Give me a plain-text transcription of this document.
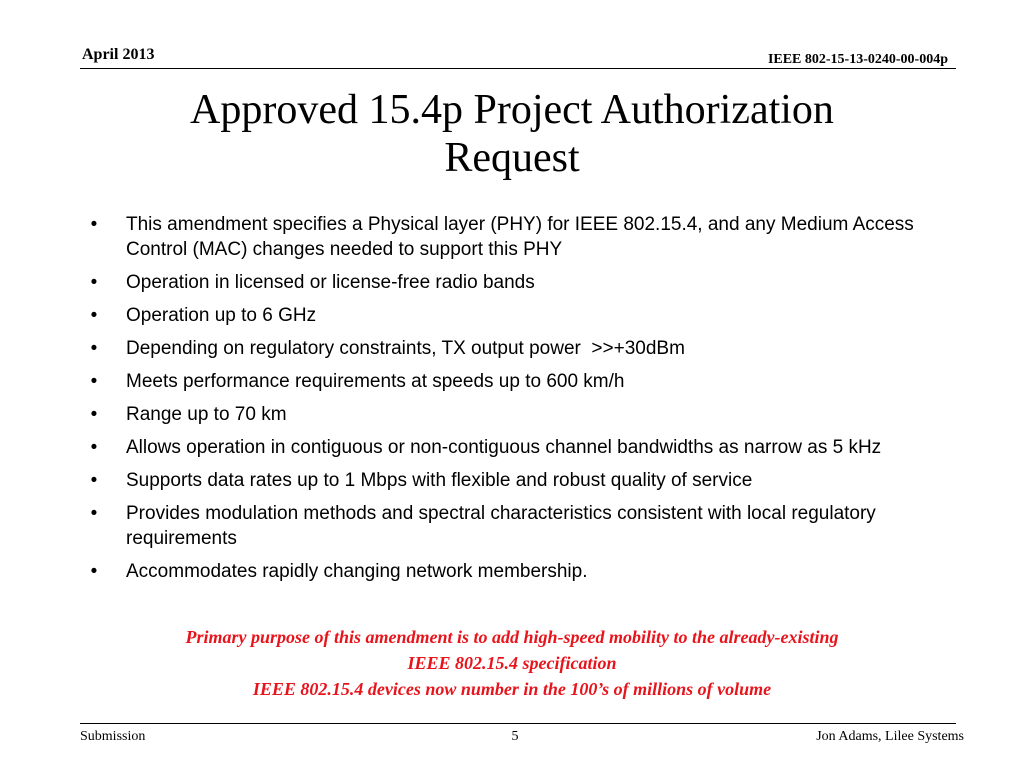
April 2013	IEEE 802-15-13-0240-00-004p
Approved 15.4p Project Authorization
Request
•	This amendment specifies a Physical layer (PHY) for IEEE 802.15.4, and any Medium Access Control (MAC) changes needed to support this PHY
•	Operation in licensed or license-free radio bands
•	Operation up to 6 GHz
•	Depending on regulatory constraints, TX output power  >>+30dBm
•	Meets performance requirements at speeds up to 600 km/h
•	Range up to 70 km
•	Allows operation in contiguous or non-contiguous channel bandwidths as narrow as 5 kHz
•	Supports data rates up to 1 Mbps with flexible and robust quality of service
•	Provides modulation methods and spectral characteristics consistent with local regulatory requirements
•	Accommodates rapidly changing network membership.
Primary purpose of this amendment is to add high-speed mobility to the already-existing
IEEE 802.15.4 specification
IEEE 802.15.4 devices now number in the 100’s of millions of volume
Submission	5	Jon Adams, Lilee Systems
